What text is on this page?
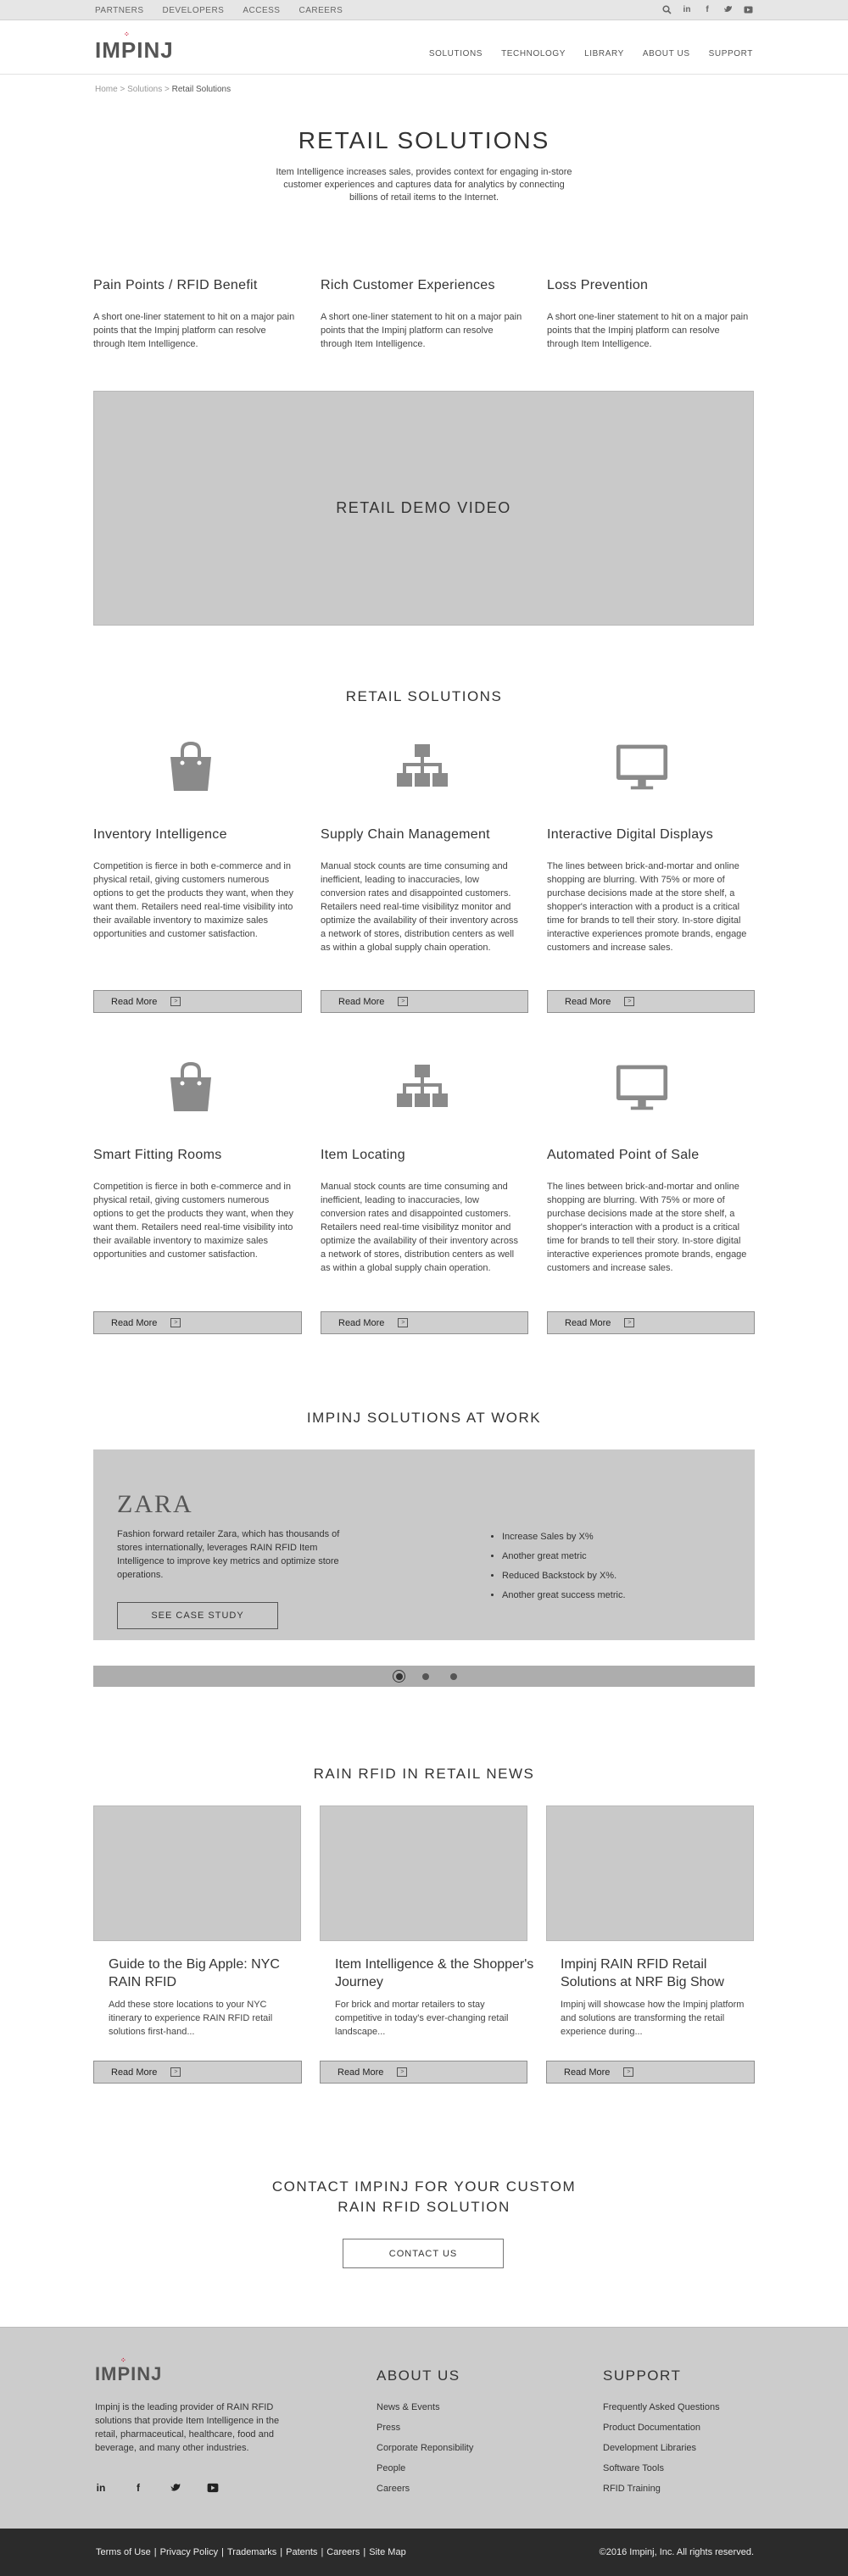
PARTNERS DEVELOPERS ACCESS CAREERS	in	f
IMPINJ
⁘
SOLUTIONS TECHNOLOGY LIBRARY ABOUT US SUPPORT
Home > Solutions > Retail Solutions
RETAIL SOLUTIONS
Item Intelligence increases sales, provides context for engaging in-store customer experiences and captures data for analytics by connecting billions of retail items to the Internet.
Pain Points / RFID Benefit
A short one-liner statement to hit on a major pain points that the Impinj platform can resolve through Item Intelligence.
Rich Customer Experiences
A short one-liner statement to hit on a major pain points that the Impinj platform can resolve through Item Intelligence.
Loss Prevention
A short one-liner statement to hit on a major pain points that the Impinj platform can resolve through Item Intelligence.
RETAIL DEMO VIDEO
RETAIL SOLUTIONS
Inventory Intelligence
Competition is fierce in both e-commerce and in physical retail, giving customers numerous options to get the products they want, when they want them. Retailers need real-time visibility into their available inventory to maximize sales opportunities and customer satisfaction.
Supply Chain Management
Manual stock counts are time consuming and inefficient, leading to inaccuracies, low conversion rates and disappointed customers. Retailers need real-time visibilityz monitor and optimize the availability of their inventory across a network of stores, distribution centers as well as within a global supply chain operation.
Interactive Digital Displays
The lines between brick-and-mortar and online shopping are blurring. With 75% or more of purchase decisions made at the store shelf, a shopper's interaction with a product is a critical time for brands to tell their story. In-store digital interactive experiences promote brands, engage customers and increase sales.
Read More	>	Read More	>	Read More	>
Smart Fitting Rooms
Competition is fierce in both e-commerce and in physical retail, giving customers numerous options to get the products they want, when they want them. Retailers need real-time visibility into their available inventory to maximize sales opportunities and customer satisfaction.
Item Locating
Manual stock counts are time consuming and inefficient, leading to inaccuracies, low conversion rates and disappointed customers. Retailers need real-time visibilityz monitor and optimize the availability of their inventory across a network of stores, distribution centers as well as within a global supply chain operation.
Automated Point of Sale
The lines between brick-and-mortar and online shopping are blurring. With 75% or more of purchase decisions made at the store shelf, a shopper's interaction with a product is a critical time for brands to tell their story. In-store digital interactive experiences promote brands, engage customers and increase sales.
Read More	>	Read More	>	Read More	>
IMPINJ SOLUTIONS AT WORK
ZARA
Fashion forward retailer Zara, which has thousands of stores internationally, leverages RAIN RFID Item Intelligence to improve key metrics and optimize store operations.
SEE CASE STUDY
• Increase Sales by X%
• Another great metric
• Reduced Backstock by X%.
• Another great success metric.
RAIN RFID IN RETAIL NEWS
Guide to the Big Apple: NYC RAIN RFID
Item Intelligence & the Shopper's Journey
Impinj RAIN RFID Retail Solutions at NRF Big Show
Add these store locations to your NYC itinerary to experience RAIN RFID retail solutions first-hand...
For brick and mortar retailers to stay competitive in today's ever-changing retail landscape...
Impinj will showcase how the Impinj platform and solutions are transforming the retail experience during...
Read More	>	Read More	>	Read More	>
CONTACT IMPINJ FOR YOUR CUSTOM
RAIN RFID SOLUTION
CONTACT US
IMPINJ
⁘
Impinj is the leading provider of RAIN RFID solutions that provide Item Intelligence in the retail, pharmaceutical, healthcare, food and beverage, and many other industries.
in	f
ABOUT US
News & Events
Press
Corporate Reponsibility
People
Careers
SUPPORT
Frequently Asked Questions
Product Documentation
Development Libraries
Software Tools
RFID Training
Terms of Use | Privacy Policy | Trademarks | Patents | Careers | Site Map	©2016 Impinj, Inc. All rights reserved.
